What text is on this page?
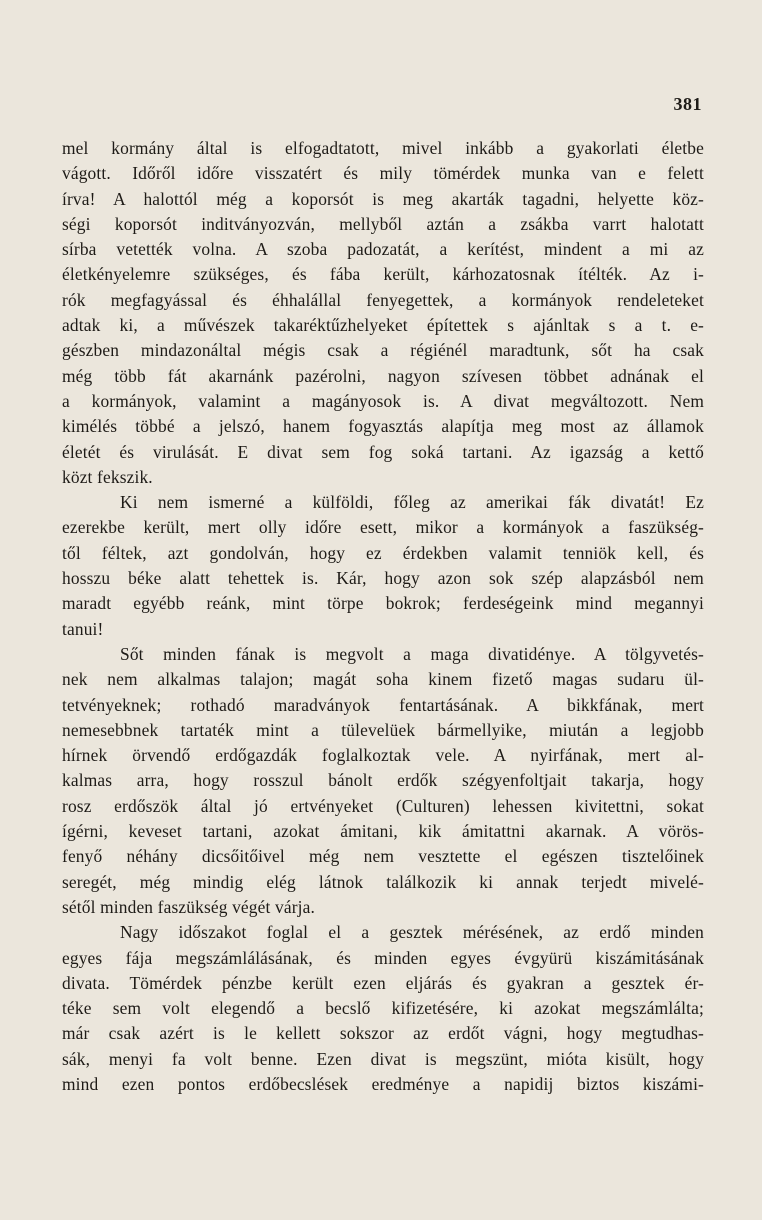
381
mel kormány által is elfogadtatott, mivel inkább a gyakorlati életbe
vágott. Időről időre visszatért és mily tömérdek munka van e felett
írva! A halottól még a koporsót is meg akarták tagadni, helyette köz-
ségi koporsót inditványozván, mellyből aztán a zsákba varrt halotatt
sírba vetették volna. A szoba padozatát, a kerítést, mindent a mi az
életkényelemre szükséges, és fába került, kárhozatosnak ítélték. Az i-
rók megfagyással és éhhalállal fenyegettek, a kormányok rendeleteket
adtak ki, a művészek takaréktűzhelyeket építettek s ajánltak s a t. e-
gészben mindazonáltal mégis csak a régiénél maradtunk, sőt ha csak
még több fát akarnánk pazérolni, nagyon szívesen többet adnának el
a kormányok, valamint a magányosok is. A divat megváltozott. Nem
kimélés többé a jelszó, hanem fogyasztás alapítja meg most az államok
életét és virulását. E divat sem fog soká tartani. Az igazság a kettő
közt fekszik.
Ki nem ismerné a külföldi, főleg az amerikai fák divatát! Ez
ezerekbe került, mert olly időre esett, mikor a kormányok a faszükség-
től féltek, azt gondolván, hogy ez érdekben valamit tenniök kell, és
hosszu béke alatt tehettek is. Kár, hogy azon sok szép alapzásból nem
maradt egyébb reánk, mint törpe bokrok; ferdeségeink mind megannyi
tanui!
Sőt minden fának is megvolt a maga divatidénye. A tölgyvetés-
nek nem alkalmas talajon; magát soha kinem fizető magas sudaru ül-
tetvényeknek; rothadó maradványok fentartásának. A bikkfának, mert
nemesebbnek tartaték mint a tülevelüek bármellyike, miután a legjobb
hírnek örvendő erdőgazdák foglalkoztak vele. A nyirfának, mert al-
kalmas arra, hogy rosszul bánolt erdők szégyenfoltjait takarja, hogy
rosz erdőszök által jó ertvényeket (Culturen) lehessen kivitettni, sokat
ígérni, keveset tartani, azokat ámitani, kik ámitattni akarnak. A vörös-
fenyő néhány dicsőitőivel még nem vesztette el egészen tisztelőinek
seregét, még mindig elég látnok találkozik ki annak terjedt mivelé-
sétől minden faszükség végét várja.
Nagy időszakot foglal el a gesztek mérésének, az erdő minden
egyes fája megszámlálásának, és minden egyes évgyürü kiszámitásának
divata. Tömérdek pénzbe került ezen eljárás és gyakran a gesztek ér-
téke sem volt elegendő a becslő kifizetésére, ki azokat megszámlálta;
már csak azért is le kellett sokszor az erdőt vágni, hogy megtudhas-
sák, menyi fa volt benne. Ezen divat is megszünt, mióta kisült, hogy
mind ezen pontos erdőbecslések eredménye a napidij biztos kiszámi-
